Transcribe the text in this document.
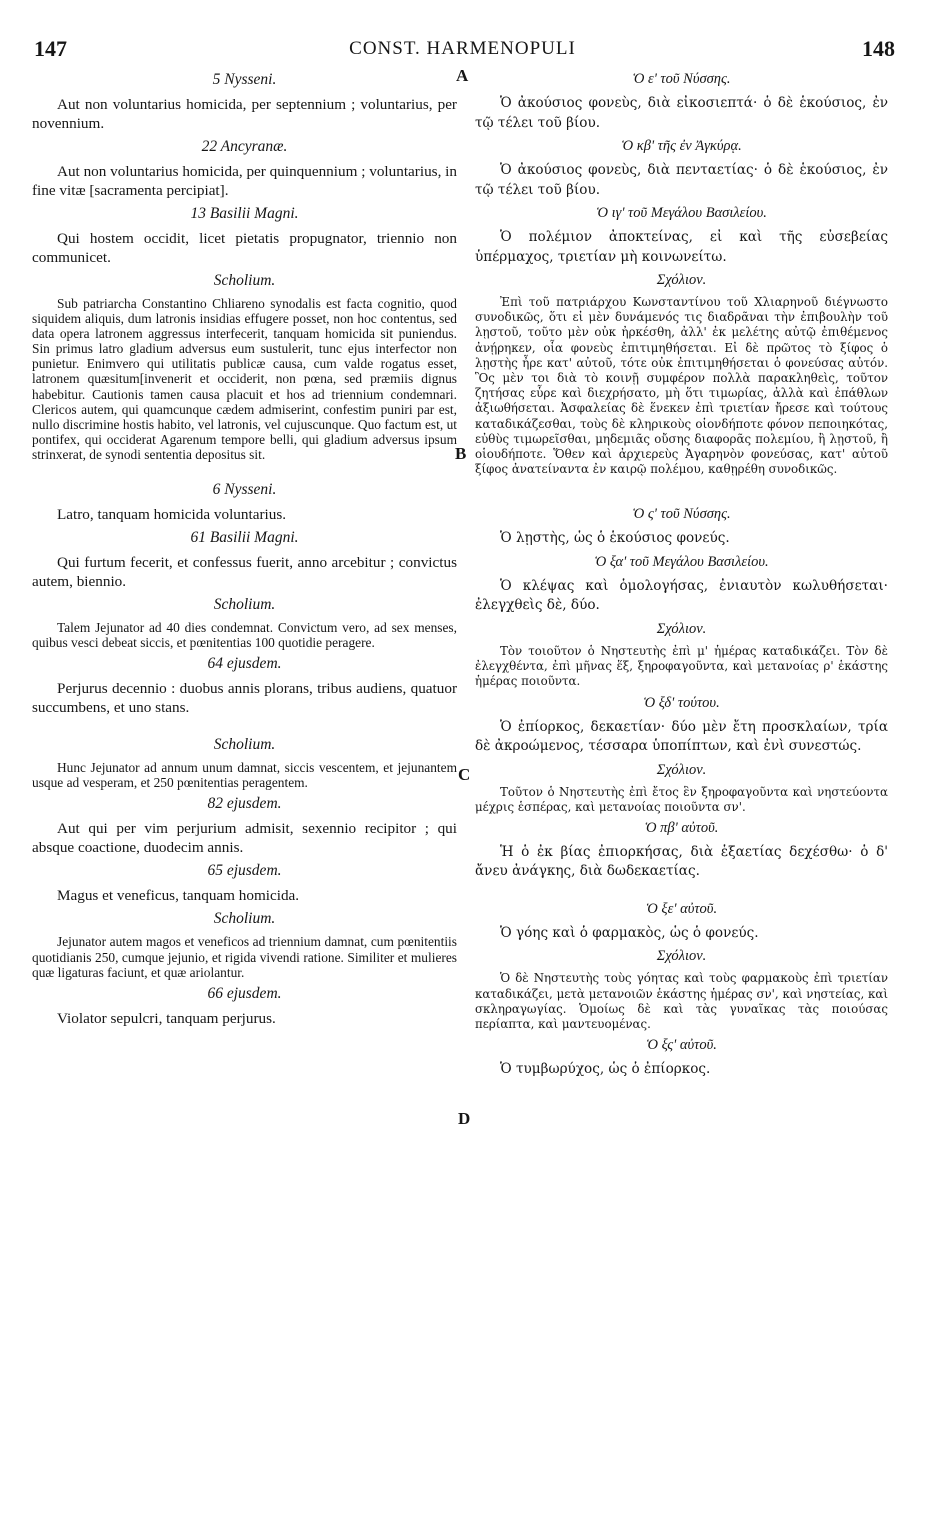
147	CONST. HARMENOPULI	148
A
B
C
D
5 Nysseni.

Aut non voluntarius homicida, per septennium ; voluntarius, per novennium.

22 Ancyranæ.

Aut non voluntarius homicida, per quinquennium ; voluntarius, in fine vitæ [sacramenta percipiat].

13 Basilii Magni.

Qui hostem occidit, licet pietatis propugnator, triennio non communicet.

Scholium.

Sub patriarcha Constantino Chliareno synodalis est facta cognitio, quod siquidem aliquis, dum latronis insidias effugere posset, non hoc contentus, sed data opera latronem aggressus interfecerit, tanquam homicida sit puniendus. Sin primus latro gladium adversus eum sustulerit, tunc ejus interfector non punietur. Enimvero qui utilitatis publicæ causa, cum valde rogatus esset, latronem quæsitum[invenerit et occiderit, non pœna, sed præmiis dignus habebitur. Cautionis tamen causa placuit et hos ad triennium condemnari. Clericos autem, qui quamcunque cædem admiserint, confestim puniri par est, nullo discrimine hostis habito, vel latronis, vel cujuscunque. Quo factum est, ut pontifex, qui occiderat Agarenum tempore belli, qui gladium adversus ipsum strinxerat, de synodi sententia depositus sit.

6 Nysseni.

Latro, tanquam homicida voluntarius.

61 Basilii Magni.

Qui furtum fecerit, et confessus fuerit, anno arcebitur ; convictus autem, biennio.

Scholium.

Talem Jejunator ad 40 dies condemnat. Convictum vero, ad sex menses, quibus vesci debeat siccis, et pœnitentias 100 quotidie peragere.

64 ejusdem.

Perjurus decennio : duobus annis plorans, tribus audiens, quatuor succumbens, et uno stans.

Scholium.

Hunc Jejunator ad annum unum damnat, siccis vescentem, et jejunantem usque ad vesperam, et 250 pœnitentias peragentem.

82 ejusdem.

Aut qui per vim perjurium admisit, sexennio recipitor ; qui absque coactione, duodecim annis.

65 ejusdem.

Magus et veneficus, tanquam homicida.

Scholium.

Jejunator autem magos et veneficos ad triennium damnat, cum pœnitentiis quotidianis 250, cumque jejunio, et rigida vivendi ratione. Similiter et mulieres quæ ligaturas faciunt, et quæ ariolantur.

66 ejusdem.

Violator sepulcri, tanquam perjurus.

Ὁ ε' τοῦ Νύσσης.

Ὁ ἀκούσιος φονεὺς, διὰ εἰκοσιεπτά· ὁ δὲ ἑκούσιος, ἐν τῷ τέλει τοῦ βίου.

Ὁ κβ' τῆς ἐν Ἀγκύρᾳ.

Ὁ ἀκούσιος φονεὺς, διὰ πενταετίας· ὁ δὲ ἑκούσιος, ἐν τῷ τέλει τοῦ βίου.

Ὁ ιγ' τοῦ Μεγάλου Βασιλείου.

Ὁ πολέμιον ἀποκτείνας, εἰ καὶ τῆς εὐσεβείας ὑπέρμαχος, τριετίαν μὴ κοινωνείτω.

Σχόλιον.

Ἐπὶ τοῦ πατριάρχου Κωνσταντίνου τοῦ Χλιαρηνοῦ διέγνωστο συνοδικῶς, ὅτι εἰ μὲν δυνάμενός τις διαδρᾶναι τὴν ἐπιβουλὴν τοῦ λῃστοῦ, τοῦτο μὲν οὐκ ἠρκέσθη, ἀλλ' ἐκ μελέτης αὐτῷ ἐπιθέμενος ἀνῄρηκεν, οἷα φονεὺς ἐπιτιμηθήσεται. Εἰ δὲ πρῶτος τὸ ξίφος ὁ λῃστὴς ἦρε κατ' αὐτοῦ, τότε οὐκ ἐπιτιμηθήσεται ὁ φονεύσας αὐτόν. Ὃς μὲν τοι διὰ τὸ κοινῇ συμφέρον πολλὰ παρακληθεὶς, τοῦτον ζητήσας εὗρε καὶ διεχρήσατο, μὴ ὅτι τιμωρίας, ἀλλὰ καὶ ἐπάθλων ἀξιωθήσεται. Ἀσφαλείας δὲ ἕνεκεν ἐπὶ τριετίαν ἤρεσε καὶ τούτους καταδικάζεσθαι, τοὺς δὲ κληρικοὺς οἱονδήποτε φόνον πεποιηκότας, εὐθὺς τιμωρεῖσθαι, μηδεμιᾶς οὔσης διαφορᾶς πολεμίου, ἢ λῃστοῦ, ἢ οἱουδήποτε. Ὅθεν καὶ ἀρχιερεὺς Ἀγαρηνὸν φονεύσας, κατ' αὐτοῦ ξίφος ἀνατείναντα ἐν καιρῷ πολέμου, καθῃρέθη συνοδικῶς.

Ὁ ς' τοῦ Νύσσης.

Ὁ λῃστὴς, ὡς ὁ ἑκούσιος φονεύς.

Ὁ ξα' τοῦ Μεγάλου Βασιλείου.

Ὁ κλέψας καὶ ὁμολογήσας, ἐνιαυτὸν κωλυθήσεται· ἐλεγχθεὶς δὲ, δύο.

Σχόλιον.

Τὸν τοιοῦτον ὁ Νηστευτὴς ἐπὶ μ' ἡμέρας καταδικάζει. Τὸν δὲ ἐλεγχθέντα, ἐπὶ μῆνας ἕξ, ξηροφαγοῦντα, καὶ μετανοίας ρ' ἑκάστης ἡμέρας ποιοῦντα.

Ὁ ξδ' τούτου.

Ὁ ἐπίορκος, δεκαετίαν· δύο μὲν ἔτη προσκλαίων, τρία δὲ ἀκροώμενος, τέσσαρα ὑποπίπτων, καὶ ἐνὶ συνεστώς.

Σχόλιον.

Τοῦτον ὁ Νηστευτὴς ἐπὶ ἔτος ἓν ξηροφαγοῦντα καὶ νηστεύοντα μέχρις ἑσπέρας, καὶ μετανοίας ποιοῦντα σν'.

Ὁ πβ' αὐτοῦ.

Ἡ ὁ ἐκ βίας ἐπιορκήσας, διὰ ἑξαετίας δεχέσθω· ὁ δ' ἄνευ ἀνάγκης, διὰ δωδεκαετίας.

Ὁ ξε' αὐτοῦ.

Ὁ γόης καὶ ὁ φαρμακὸς, ὡς ὁ φονεύς.

Σχόλιον.

Ὁ δὲ Νηστευτὴς τοὺς γόητας καὶ τοὺς φαρμακοὺς ἐπὶ τριετίαν καταδικάζει, μετὰ μετανοιῶν ἑκάστης ἡμέρας σν', καὶ νηστείας, καὶ σκληραγωγίας. Ὁμοίως δὲ καὶ τὰς γυναῖκας τὰς ποιούσας περίαπτα, καὶ μαντευομένας.

Ὁ ξς' αὐτοῦ.

Ὁ τυμβωρύχος, ὡς ὁ ἐπίορκος.
